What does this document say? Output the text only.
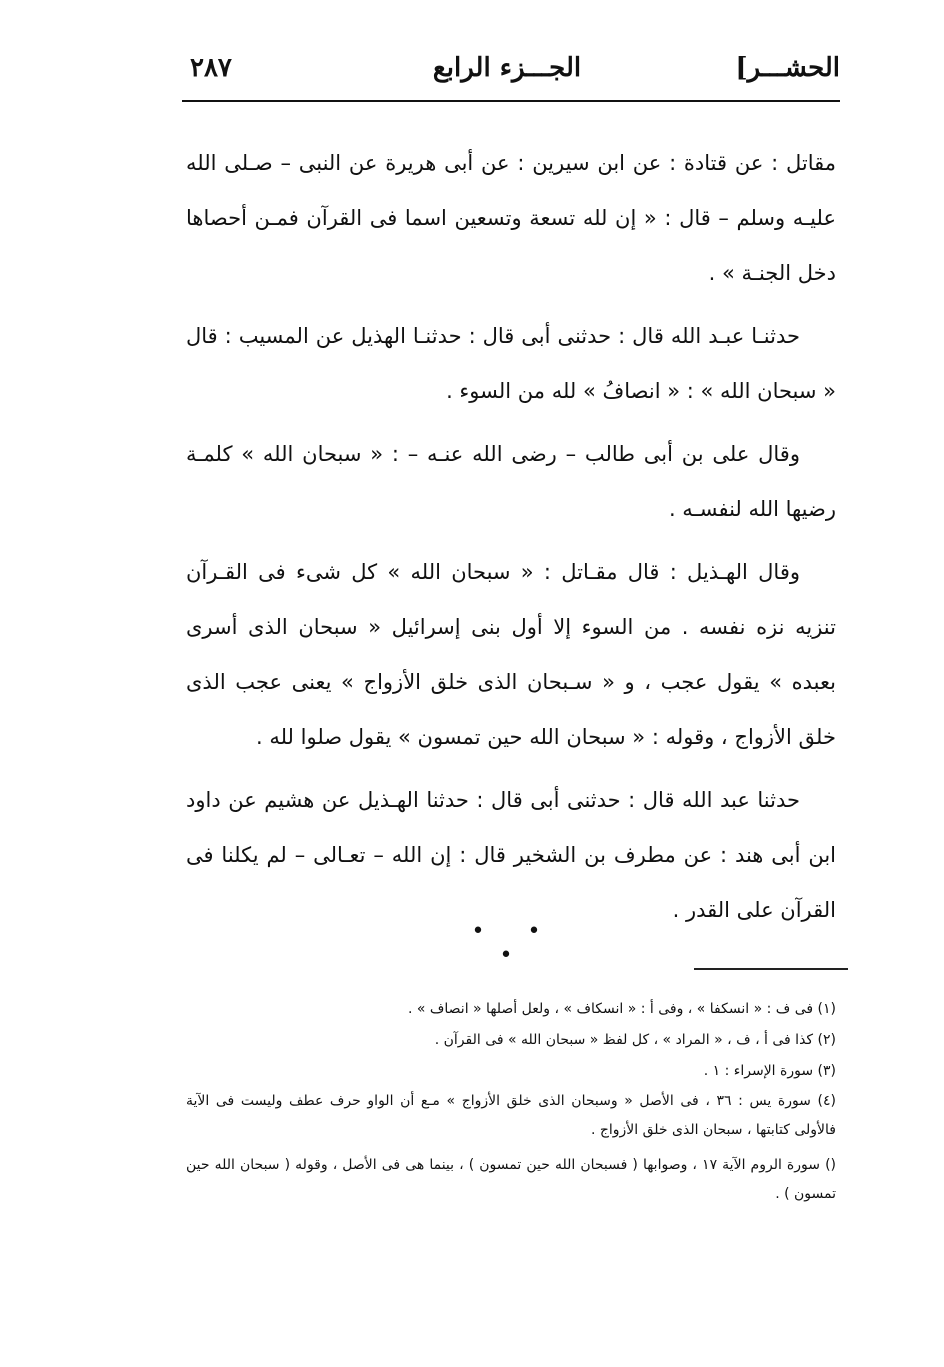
٢٨٧	الجـــزء الرابع	الحشـــر]

مقاتل : عن قتادة : عن ابن سيرين : عن أبى هريرة عن النبى – صـلى الله عليـه وسلم – قال : « إن لله تسعة وتسعين اسما فى القرآن فمـن أحصاها دخل الجنـة » .

حدثنـا عبـد الله قال : حدثنى أبى قال : حدثنـا الهذيل عن المسيب : قال « سبحان الله » : « انصافُ » لله من السوء .

وقال على بن أبى طالب – رضى الله عنـه – : « سبحان الله » كلمـة رضيها الله لنفسـه .

وقال الهـذيل : قال مقـاتل : « سبحان الله » كل شىء فى القـرآن تنزيه نزه نفسه . من السوء إلا أول بنى إسرائيل « سبحان الذى أسرى بعبده » يقول عجب ، و « سـبحان الذى خلق الأزواج » يعنى عجب الذى خلق الأزواج ، وقوله : « سبحان الله حين تمسون » يقول صلوا لله .

حدثنا عبد الله قال : حدثنى أبى قال : حدثنا الهـذيل عن هشيم عن داود ابن أبى هند : عن مطرف بن الشخير قال : إن الله – تعـالى – لم يكلنا فى القرآن على القدر .

• • •

(١) فى ف : « انسكفا » ، وفى أ : « انسكاف » ، ولعل أصلها « انصاف » .

(٢) كذا فى أ ، ف ، « المراد » ، كل لفظ « سبحان الله » فى القرآن .

(٣) سورة الإسراء : ١ .

(٤) سورة يس : ٣٦ ، فى الأصل « وسبحان الذى خلق الأزواج » مـع أن الواو حرف عطف وليست فى الآية فالأولى كتابتها ، سبحان الذى خلق الأزواج .

() سورة الروم الآية ١٧ ، وصوابها ( فسبحان الله حين تمسون ) ، بينما هى فى الأصل ، وقوله ( سبحان الله حين تمسون ) .
